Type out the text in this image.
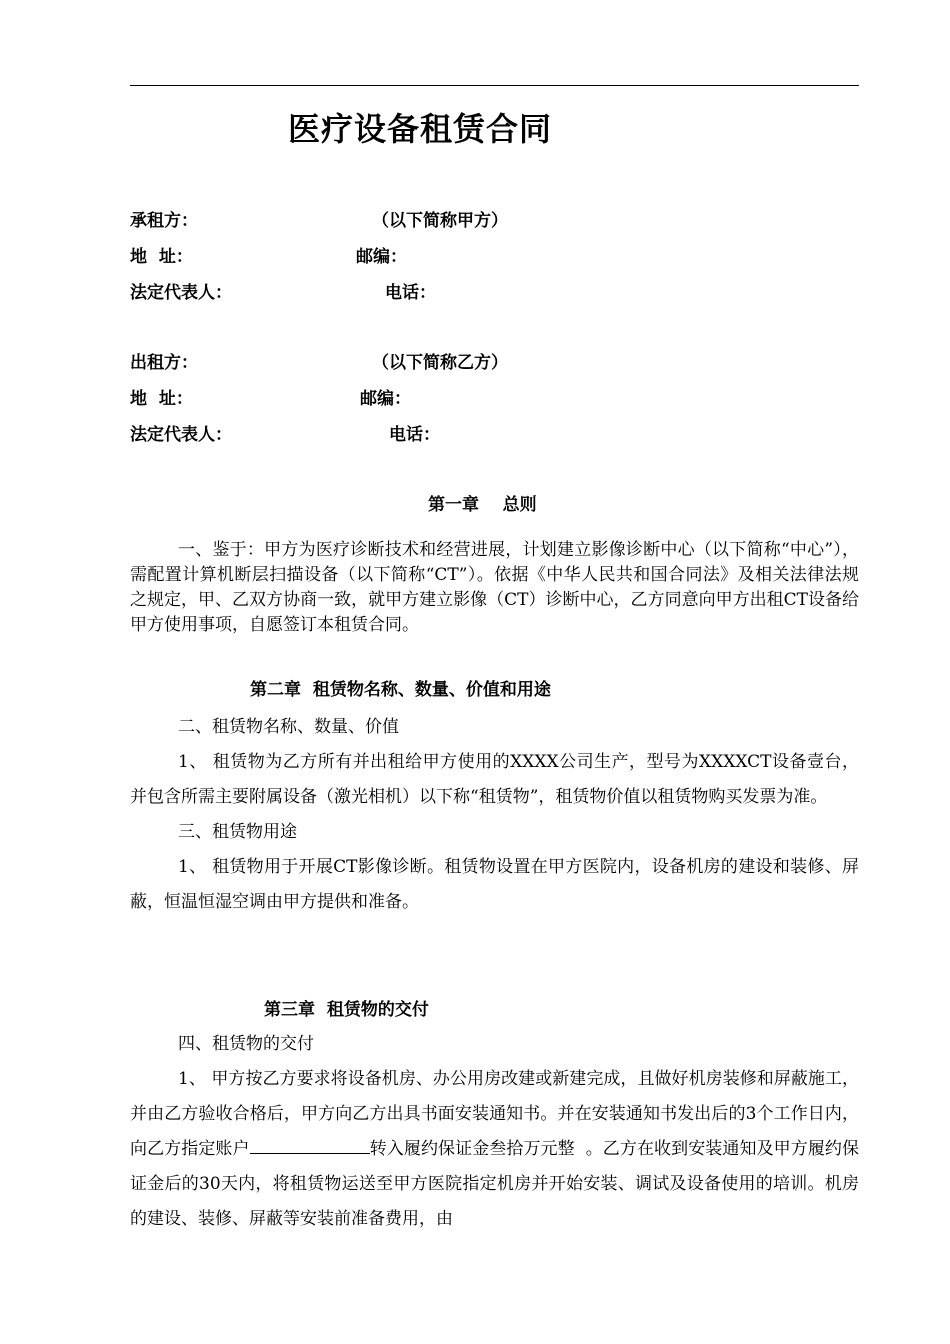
医疗设备租赁合同
承租方：	（以下简称甲方）
地  址：	邮编：
法定代表人：	电话：
出租方：	（以下简称乙方）
地  址：	邮编：
法定代表人：	电话：
第一章    总则

一、鉴于：甲方为医疗诊断技术和经营进展，计划建立影像诊断中心（以下简称“中心”），需配置计算机断层扫描设备（以下简称“CT”）。依据《中华人民共和国合同法》及相关法律法规之规定，甲、乙双方协商一致，就甲方建立影像（CT）诊断中心，乙方同意向甲方出租CT设备给甲方使用事项，自愿签订本租赁合同。

第二章  租赁物名称、数量、价值和用途

二、租赁物名称、数量、价值

1、 租赁物为乙方所有并出租给甲方使用的XXXX公司生产，型号为XXXXCT设备壹台，并包含所需主要附属设备（激光相机）以下称“租赁物”，租赁物价值以租赁物购买发票为准。

三、租赁物用途

1、 租赁物用于开展CT影像诊断。租赁物设置在甲方医院内，设备机房的建设和装修、屏蔽，恒温恒湿空调由甲方提供和准备。

第三章  租赁物的交付

四、租赁物的交付

1、 甲方按乙方要求将设备机房、办公用房改建或新建完成，且做好机房装修和屏蔽施工，并由乙方验收合格后，甲方向乙方出具书面安装通知书。并在安装通知书发出后的3个工作日内，向乙方指定账户	转入履约保证金叁拾万元整  。乙方在收到安装通知及甲方履约保证金后的30天内，将租赁物运送至甲方医院指定机房并开始安装、调试及设备使用的培训。机房的建设、装修、屏蔽等安装前准备费用，由
